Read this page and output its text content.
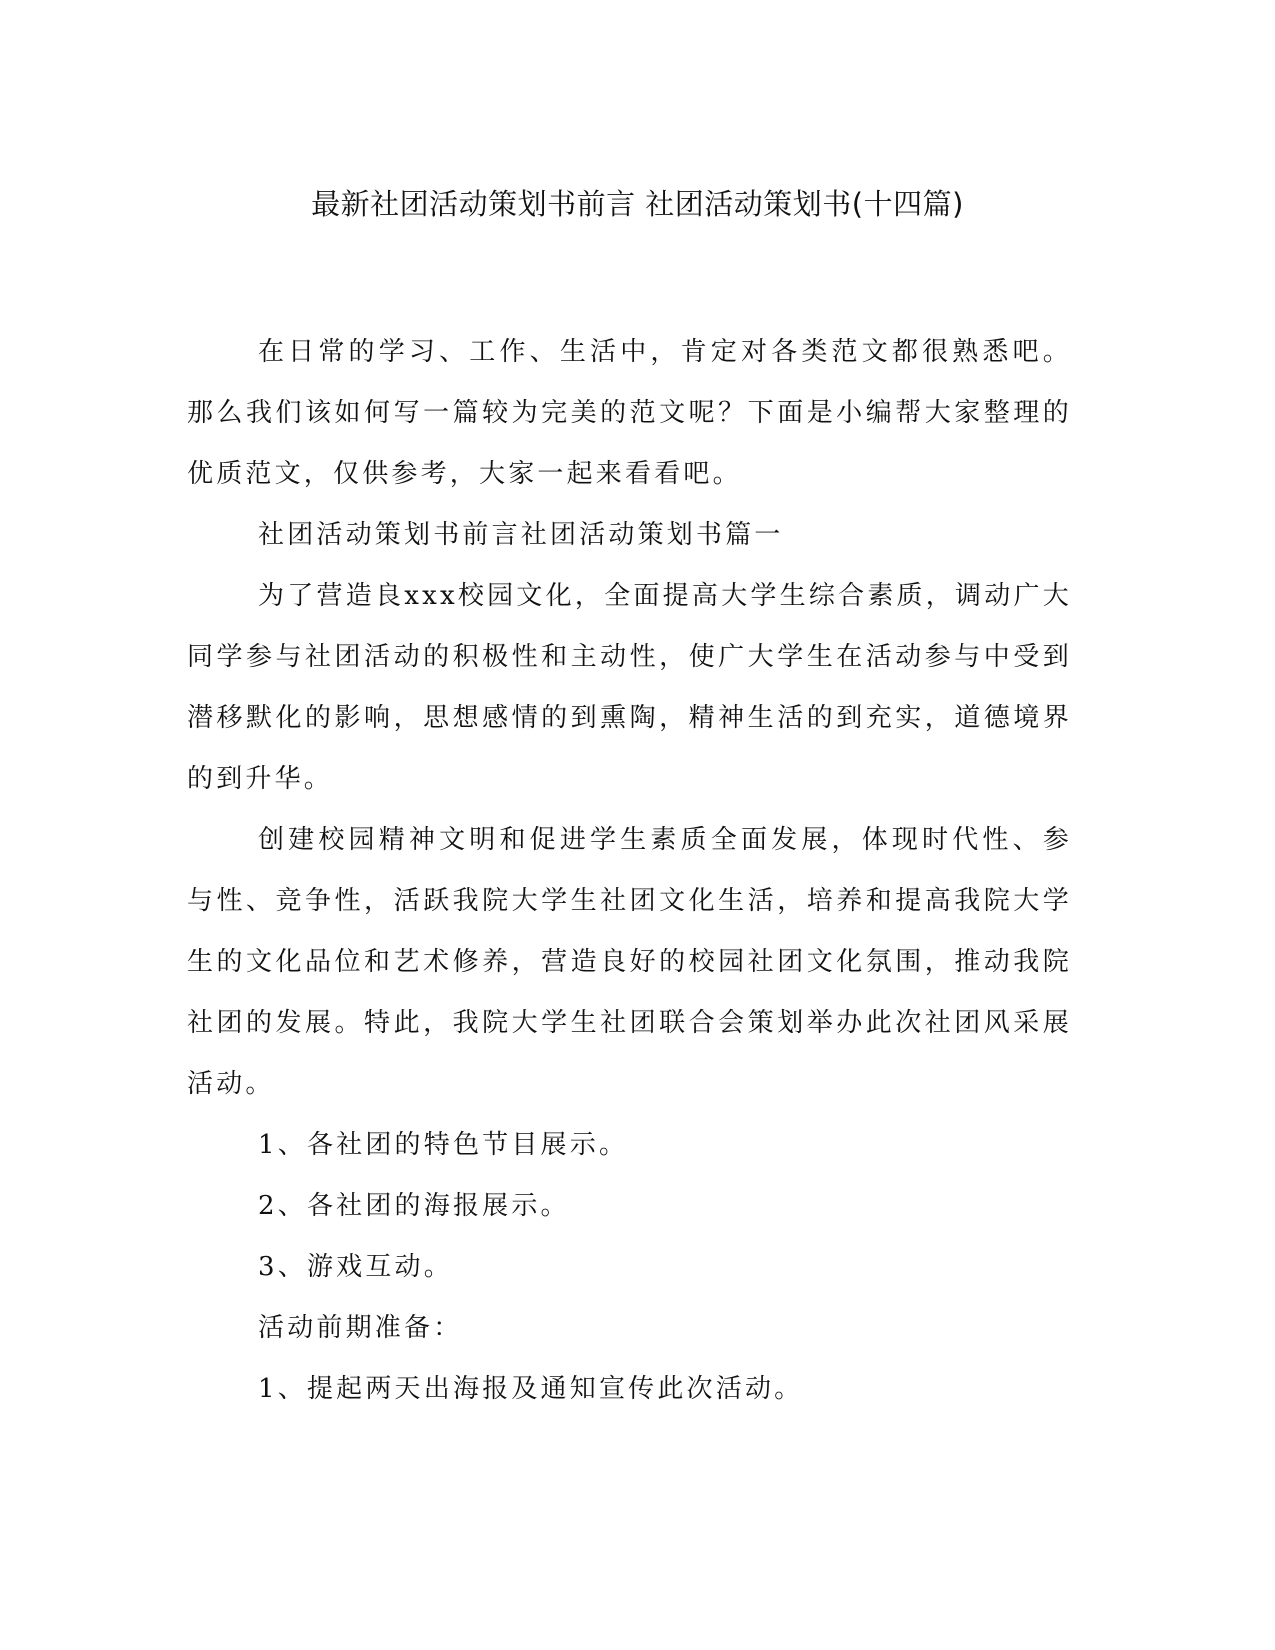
最新社团活动策划书前言 社团活动策划书(十四篇)

在日常的学习、工作、生活中，肯定对各类范文都很熟悉吧。那么我们该如何写一篇较为完美的范文呢？下面是小编帮大家整理的优质范文，仅供参考，大家一起来看看吧。

社团活动策划书前言社团活动策划书篇一

为了营造良xxx校园文化，全面提高大学生综合素质，调动广大同学参与社团活动的积极性和主动性，使广大学生在活动参与中受到潜移默化的影响，思想感情的到熏陶，精神生活的到充实，道德境界的到升华。

创建校园精神文明和促进学生素质全面发展，体现时代性、参与性、竞争性，活跃我院大学生社团文化生活，培养和提高我院大学生的文化品位和艺术修养，营造良好的校园社团文化氛围，推动我院社团的发展。特此，我院大学生社团联合会策划举办此次社团风采展活动。

1、各社团的特色节目展示。

2、各社团的海报展示。

3、游戏互动。

活动前期准备：

1、提起两天出海报及通知宣传此次活动。
